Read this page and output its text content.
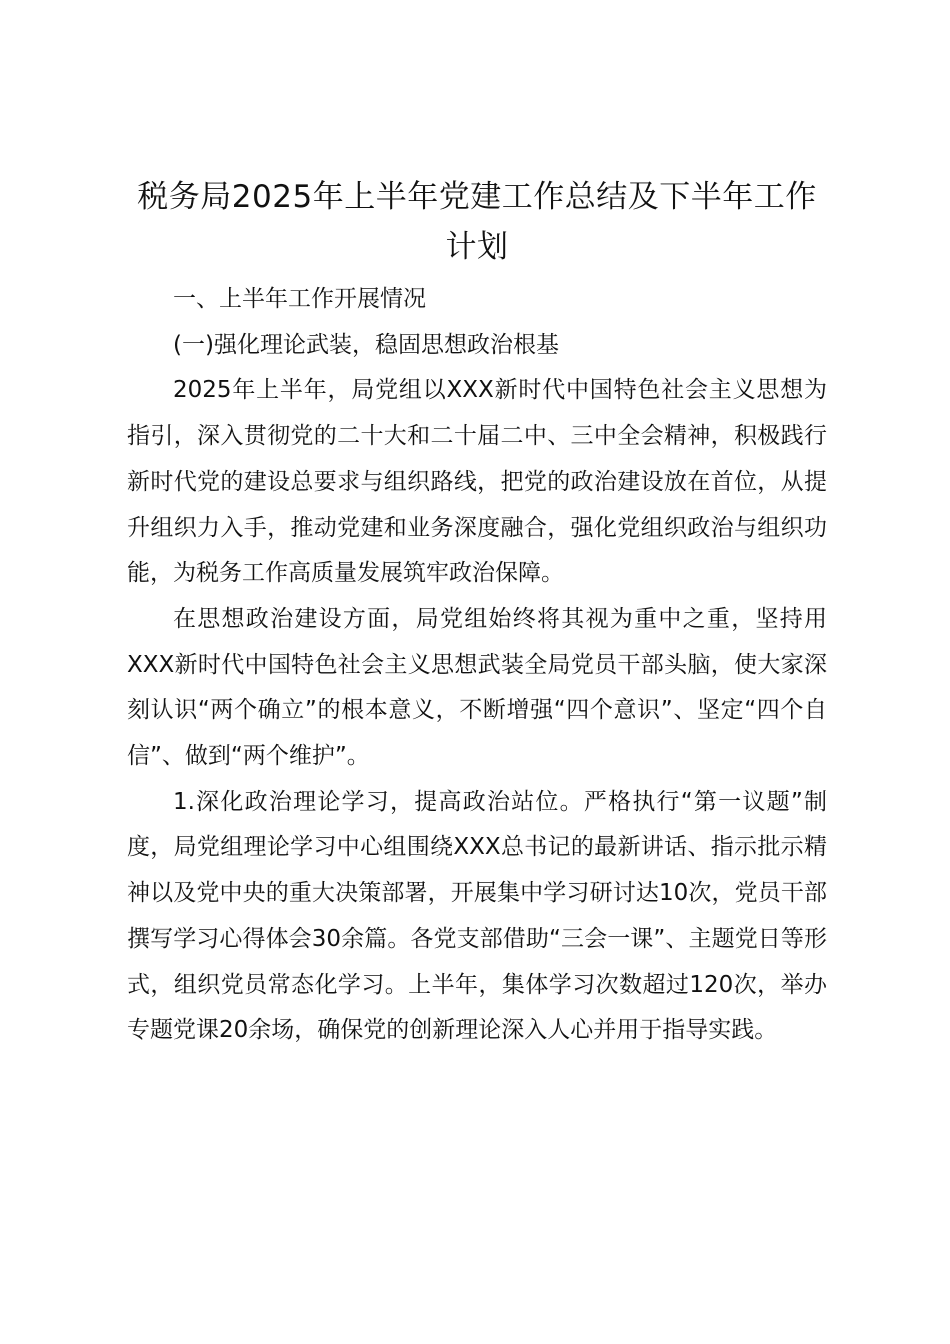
税务局2025年上半年党建工作总结及下半年工作计划

一、上半年工作开展情况

(一)强化理论武装，稳固思想政治根基

2025年上半年，局党组以XXX新时代中国特色社会主义思想为指引，深入贯彻党的二十大和二十届二中、三中全会精神，积极践行新时代党的建设总要求与组织路线，把党的政治建设放在首位，从提升组织力入手，推动党建和业务深度融合，强化党组织政治与组织功能，为税务工作高质量发展筑牢政治保障。

在思想政治建设方面，局党组始终将其视为重中之重，坚持用XXX新时代中国特色社会主义思想武装全局党员干部头脑，使大家深刻认识“两个确立”的根本意义，不断增强“四个意识”、坚定“四个自信”、做到“两个维护”。

1.深化政治理论学习，提高政治站位。严格执行“第一议题”制度，局党组理论学习中心组围绕XXX总书记的最新讲话、指示批示精神以及党中央的重大决策部署，开展集中学习研讨达10次，党员干部撰写学习心得体会30余篇。各党支部借助“三会一课”、主题党日等形式，组织党员常态化学习。上半年，集体学习次数超过120次，举办专题党课20余场，确保党的创新理论深入人心并用于指导实践。
